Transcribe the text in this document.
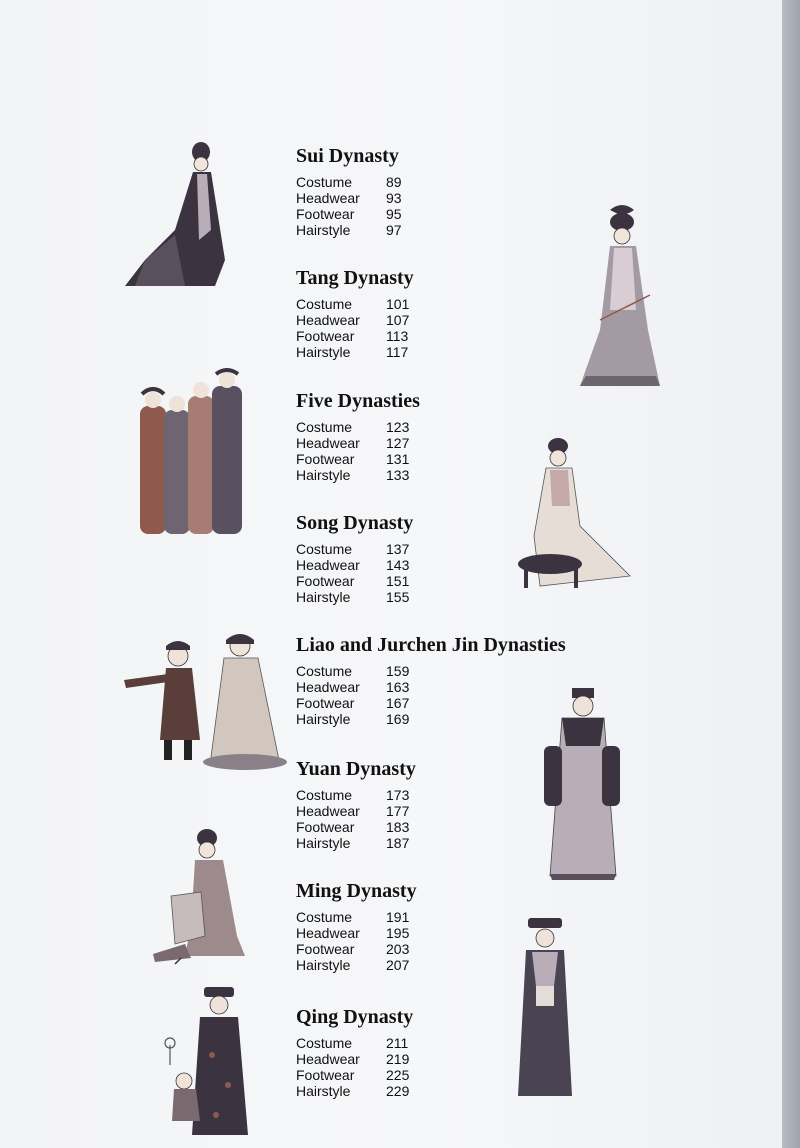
Sui Dynasty
Costume	89
Headwear	93
Footwear	95
Hairstyle	97
Tang Dynasty
Costume	101
Headwear	107
Footwear	113
Hairstyle	117
Five Dynasties
Costume	123
Headwear	127
Footwear	131
Hairstyle	133
Song Dynasty
Costume	137
Headwear	143
Footwear	151
Hairstyle	155
Liao and Jurchen Jin Dynasties
Costume	159
Headwear	163
Footwear	167
Hairstyle	169
Yuan Dynasty
Costume	173
Headwear	177
Footwear	183
Hairstyle	187
Ming Dynasty
Costume	191
Headwear	195
Footwear	203
Hairstyle	207
Qing Dynasty
Costume	211
Headwear	219
Footwear	225
Hairstyle	229
